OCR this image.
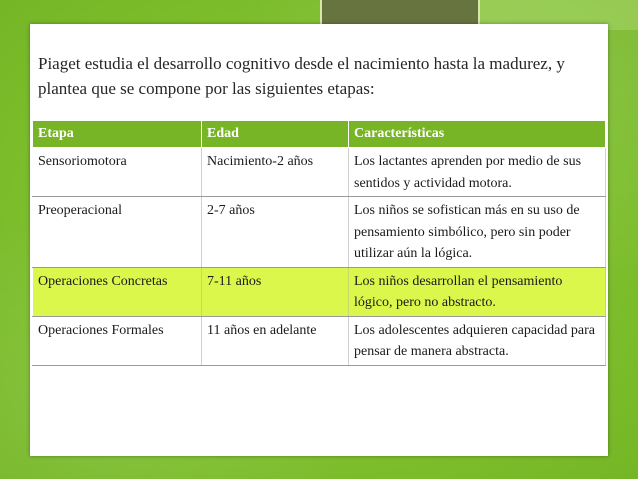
Piaget estudia el desarrollo cognitivo desde el nacimiento hasta la madurez, y plantea que se compone por las siguientes etapas:

Etapa	Edad	Características
Sensoriomotora	Nacimiento-2 años	Los lactantes aprenden por medio de sus sentidos y actividad motora.
Preoperacional	2-7 años	Los niños se sofistican más en su uso de pensamiento simbólico, pero sin poder utilizar aún la lógica.
Operaciones Concretas	7-11 años	Los niños desarrollan el pensamiento lógico, pero no abstracto.
Operaciones Formales	11 años en adelante	Los adolescentes adquieren capacidad para pensar de manera abstracta.
